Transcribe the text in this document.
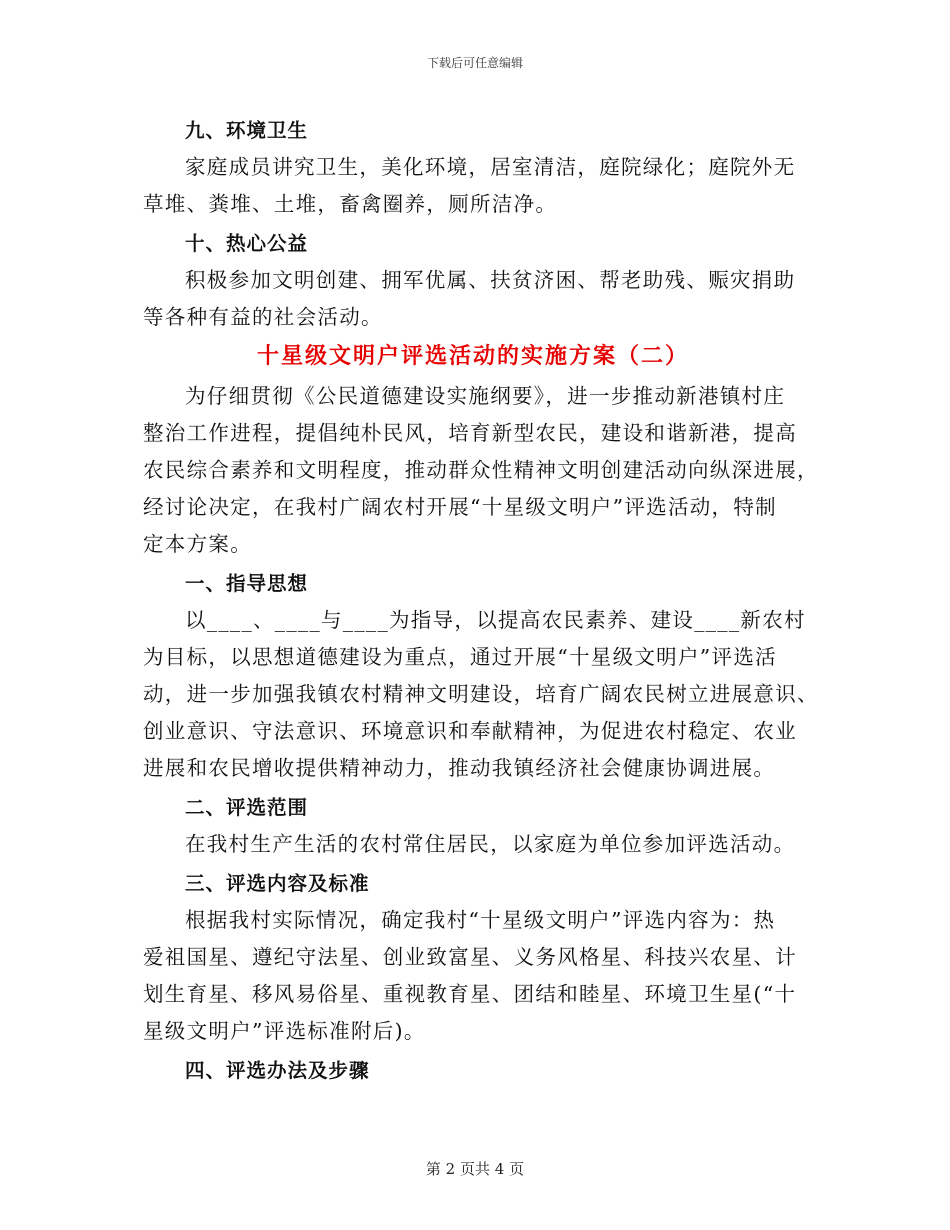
下载后可任意编辑
九、环境卫生
家庭成员讲究卫生，美化环境，居室清洁，庭院绿化；庭院外无
草堆、粪堆、土堆，畜禽圈养，厕所洁净。
十、热心公益
积极参加文明创建、拥军优属、扶贫济困、帮老助残、赈灾捐助
等各种有益的社会活动。
十星级文明户评选活动的实施方案（二）
为仔细贯彻《公民道德建设实施纲要》，进一步推动新港镇村庄
整治工作进程，提倡纯朴民风，培育新型农民，建设和谐新港，提高
农民综合素养和文明程度，推动群众性精神文明创建活动向纵深进展，
经讨论决定，在我村广阔农村开展“十星级文明户”评选活动，特制
定本方案。
一、指导思想
以____、____与____为指导，以提高农民素养、建设____新农村
为目标，以思想道德建设为重点，通过开展“十星级文明户”评选活
动，进一步加强我镇农村精神文明建设，培育广阔农民树立进展意识、
创业意识、守法意识、环境意识和奉献精神，为促进农村稳定、农业
进展和农民增收提供精神动力，推动我镇经济社会健康协调进展。
二、评选范围
在我村生产生活的农村常住居民，以家庭为单位参加评选活动。
三、评选内容及标准
根据我村实际情况，确定我村“十星级文明户”评选内容为：热
爱祖国星、遵纪守法星、创业致富星、义务风格星、科技兴农星、计
划生育星、移风易俗星、重视教育星、团结和睦星、环境卫生星(“十
星级文明户”评选标准附后)。
四、评选办法及步骤
第 2 页共 4 页
